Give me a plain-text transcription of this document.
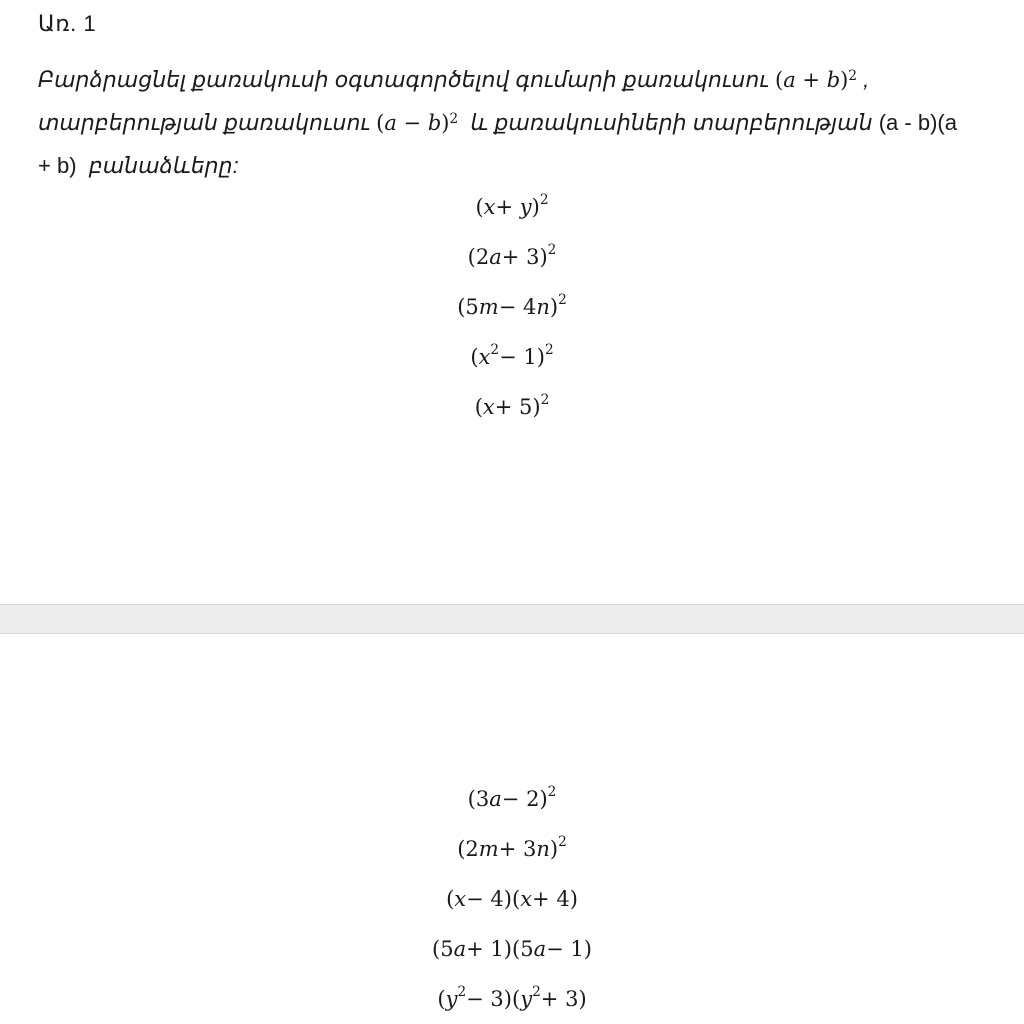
Առ. 1
Բարձրացնել քառակուսի օգտագործելով գումարի քառակուսու $(a + b)^2$ , տարբերության քառակուսու $(a - b)^2$ և քառակուսիների տարբերության (a - b)(a + b) բանաձևերը:
( x + y )$^2$
(2 a + 3)$^2$
(5 m − 4 n )$^2$
( $x^2 - 1)^2$
( x + 5)$^2$
(3 a − 2)$^2$
(2 m + 3 n )$^2$
( x − 4)( x + 4)
(5 a + 1)(5 a − 1)
( $y^2 - 3$)( $y^2 + 3$)
